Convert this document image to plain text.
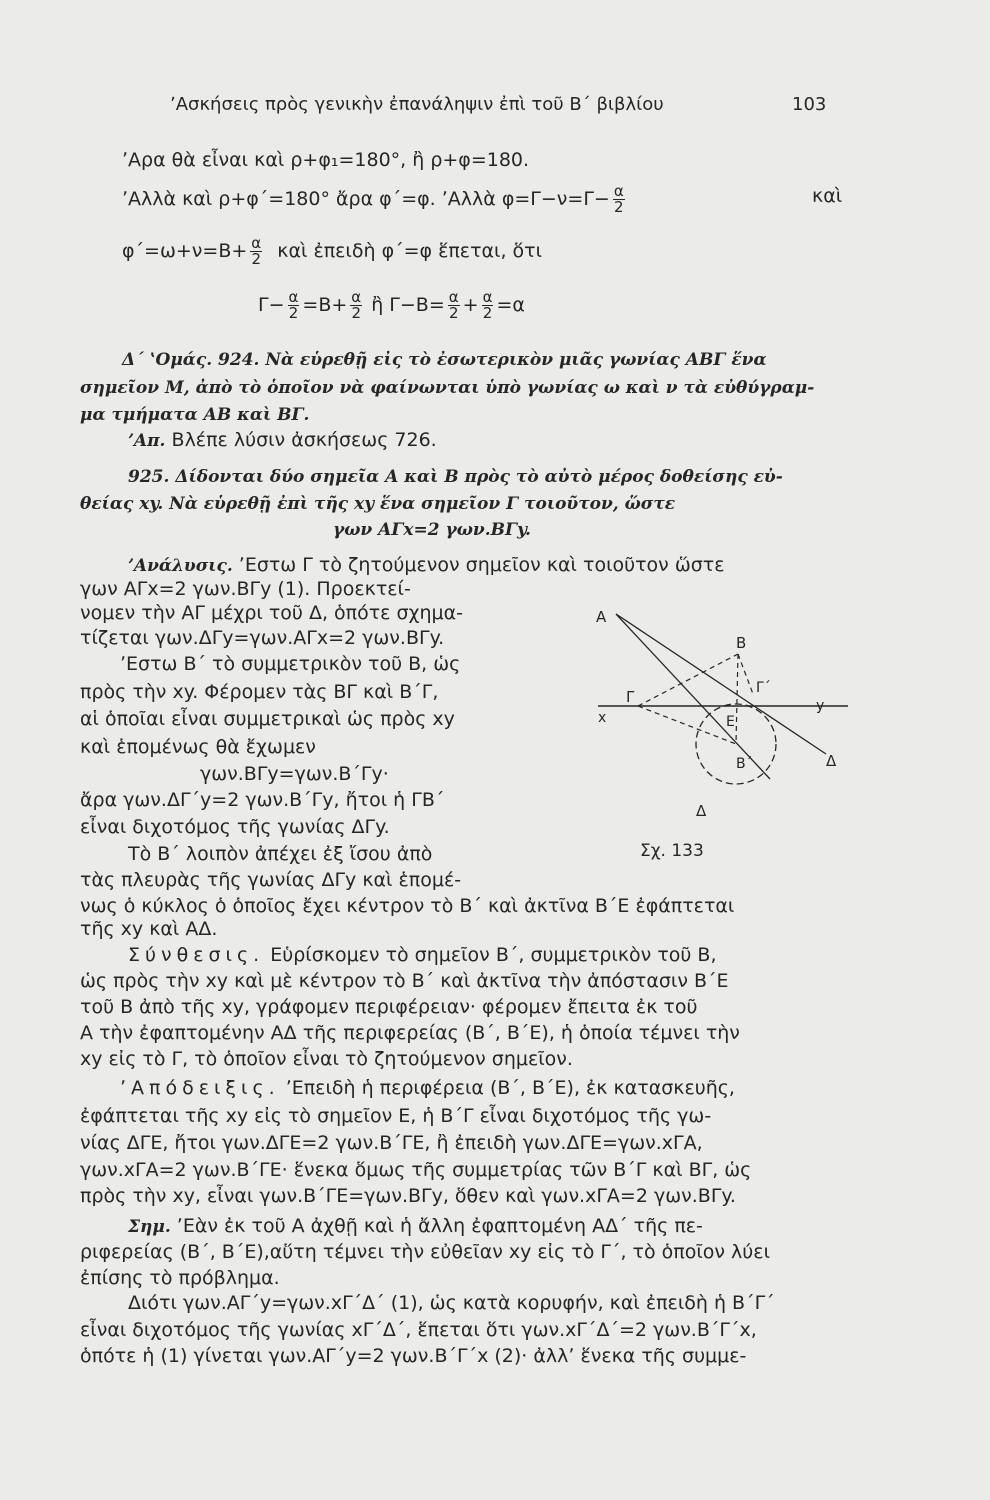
ʼΑσκήσεις πρὸς γενικὴν ἐπανάληψιν ἐπὶ τοῦ Β΄ βιβλίου	103
ʼΑρα θὰ εἶναι καὶ ρ+φ₁=180°, ἢ ρ+φ=180.
ʼΑλλὰ καὶ ρ+φ΄=180° ἄρα φ΄=φ. ʼΑλλὰ $\varphi=\Gamma-\nu=\Gamma- \frac{\alpha}{2}$	καὶ
$\varphi΄=\omega+\nu=B+ \frac{\alpha}{2}$ καὶ ἐπειδὴ φ΄=φ ἕπεται, ὅτι
$\Gamma- \frac{\alpha}{2} =B+ \frac{\alpha}{2}$ ἢ $\Gamma-B= \frac{\alpha}{2} + \frac{\alpha}{2} =\alpha$
Δ΄ ʽΟμάς. 924. Νὰ εὑρεθῇ εἰς τὸ ἐσωτερικὸν μιᾶς γωνίας ΑΒΓ ἕνα
σημεῖον Μ, ἀπὸ τὸ ὁποῖον νὰ φαίνωνται ὑπὸ γωνίας ω καὶ ν τὰ εὐθύγραμ-
μα τμήματα ΑΒ καὶ ΒΓ.
ʼΑπ. Βλέπε λύσιν ἀσκήσεως 726.
925. Δίδονται δύο σημεῖα Α καὶ Β πρὸς τὸ αὐτὸ μέρος δοθείσης εὐ-
θείας xy. Νὰ εὑρεθῇ ἐπὶ τῆς xy ἕνα σημεῖον Γ τοιοῦτον, ὥστε
γων ΑΓx=2 γων.ΒΓy.
ʼΑνάλυσις. ʼΕστω Γ τὸ ζητούμενον σημεῖον καὶ τοιοῦτον ὥστε
γων ΑΓx=2 γων.ΒΓy (1). Προεκτεί-
νομεν τὴν ΑΓ μέχρι τοῦ Δ, ὁπότε σχημα-
τίζεται γων.ΔΓy=γων.ΑΓx=2 γων.ΒΓy.
ʼΕστω Β΄ τὸ συμμετρικὸν τοῦ Β, ὡς
πρὸς τὴν xy. Φέρομεν τὰς ΒΓ καὶ Β΄Γ,
αἱ ὁποῖαι εἶναι συμμετρικαὶ ὡς πρὸς xy
καὶ ἑπομένως θὰ ἔχωμεν
γων.ΒΓy=γων.Β΄Γy·
ἄρα γων.ΔΓ΄y=2 γων.Β΄Γy, ἤτοι ἡ ΓΒ΄
εἶναι διχοτόμος τῆς γωνίας ΔΓy.
Τὸ Β΄ λοιπὸν ἀπέχει ἐξ ἴσου ἀπὸ
τὰς πλευρὰς τῆς γωνίας ΔΓy καὶ ἑπομέ-
νως ὁ κύκλος ὁ ὁποῖος ἔχει κέντρον τὸ Β΄ καὶ ἀκτῖνα Β΄Ε ἐφάπτεται
τῆς xy καὶ ΑΔ.
Σύνθεσις. Εὑρίσκομεν τὸ σημεῖον Β΄, συμμετρικὸν τοῦ Β,
ὡς πρὸς τὴν xy καὶ μὲ κέντρον τὸ Β΄ καὶ ἀκτῖνα τὴν ἀπόστασιν Β΄Ε
τοῦ Β ἀπὸ τῆς xy, γράφομεν περιφέρειαν· φέρομεν ἔπειτα ἐκ τοῦ
Α τὴν ἐφαπτομένην ΑΔ τῆς περιφερείας (Β΄, Β΄Ε), ἡ ὁποία τέμνει τὴν
xy εἰς τὸ Γ, τὸ ὁποῖον εἶναι τὸ ζητούμενον σημεῖον.
ʼΑπόδειξις. ʼΕπειδὴ ἡ περιφέρεια (Β΄, Β΄Ε), ἐκ κατασκευῆς,
ἐφάπτεται τῆς xy εἰς τὸ σημεῖον Ε, ἡ Β΄Γ εἶναι διχοτόμος τῆς γω-
νίας ΔΓΕ, ἤτοι γων.ΔΓΕ=2 γων.Β΄ΓΕ, ἢ ἐπειδὴ γων.ΔΓΕ=γων.xΓΑ,
γων.xΓΑ=2 γων.Β΄ΓΕ· ἕνεκα ὅμως τῆς συμμετρίας τῶν Β΄Γ καὶ ΒΓ, ὡς
πρὸς τὴν xy, εἶναι γων.Β΄ΓΕ=γων.ΒΓy, ὅθεν καὶ γων.xΓΑ=2 γων.ΒΓy.
Σημ. ʼΕὰν ἐκ τοῦ Α ἀχθῇ καὶ ἡ ἄλλη ἐφαπτομένη ΑΔ΄ τῆς πε-
ριφερείας (Β΄, Β΄Ε),αὕτη τέμνει τὴν εὐθεῖαν xy εἰς τὸ Γ΄, τὸ ὁποῖον λύει
ἐπίσης τὸ πρόβλημα.
Διότι γων.ΑΓ΄y=γων.xΓ΄Δ΄ (1), ὡς κατὰ κορυφήν, καὶ ἐπειδὴ ἡ Β΄Γ΄
εἶναι διχοτόμος τῆς γωνίας xΓ΄Δ΄, ἕπεται ὅτι γων.xΓ΄Δ΄=2 γων.Β΄Γ΄x,
ὁπότε ἡ (1) γίνεται γων.ΑΓ΄y=2 γων.Β΄Γ΄x (2)· ἀλλʼ ἕνεκα τῆς συμμε-
Α
Β
Γ΄
x
Γ
Ε
y
Β΄	Δ
Δ
Σχ. 133
